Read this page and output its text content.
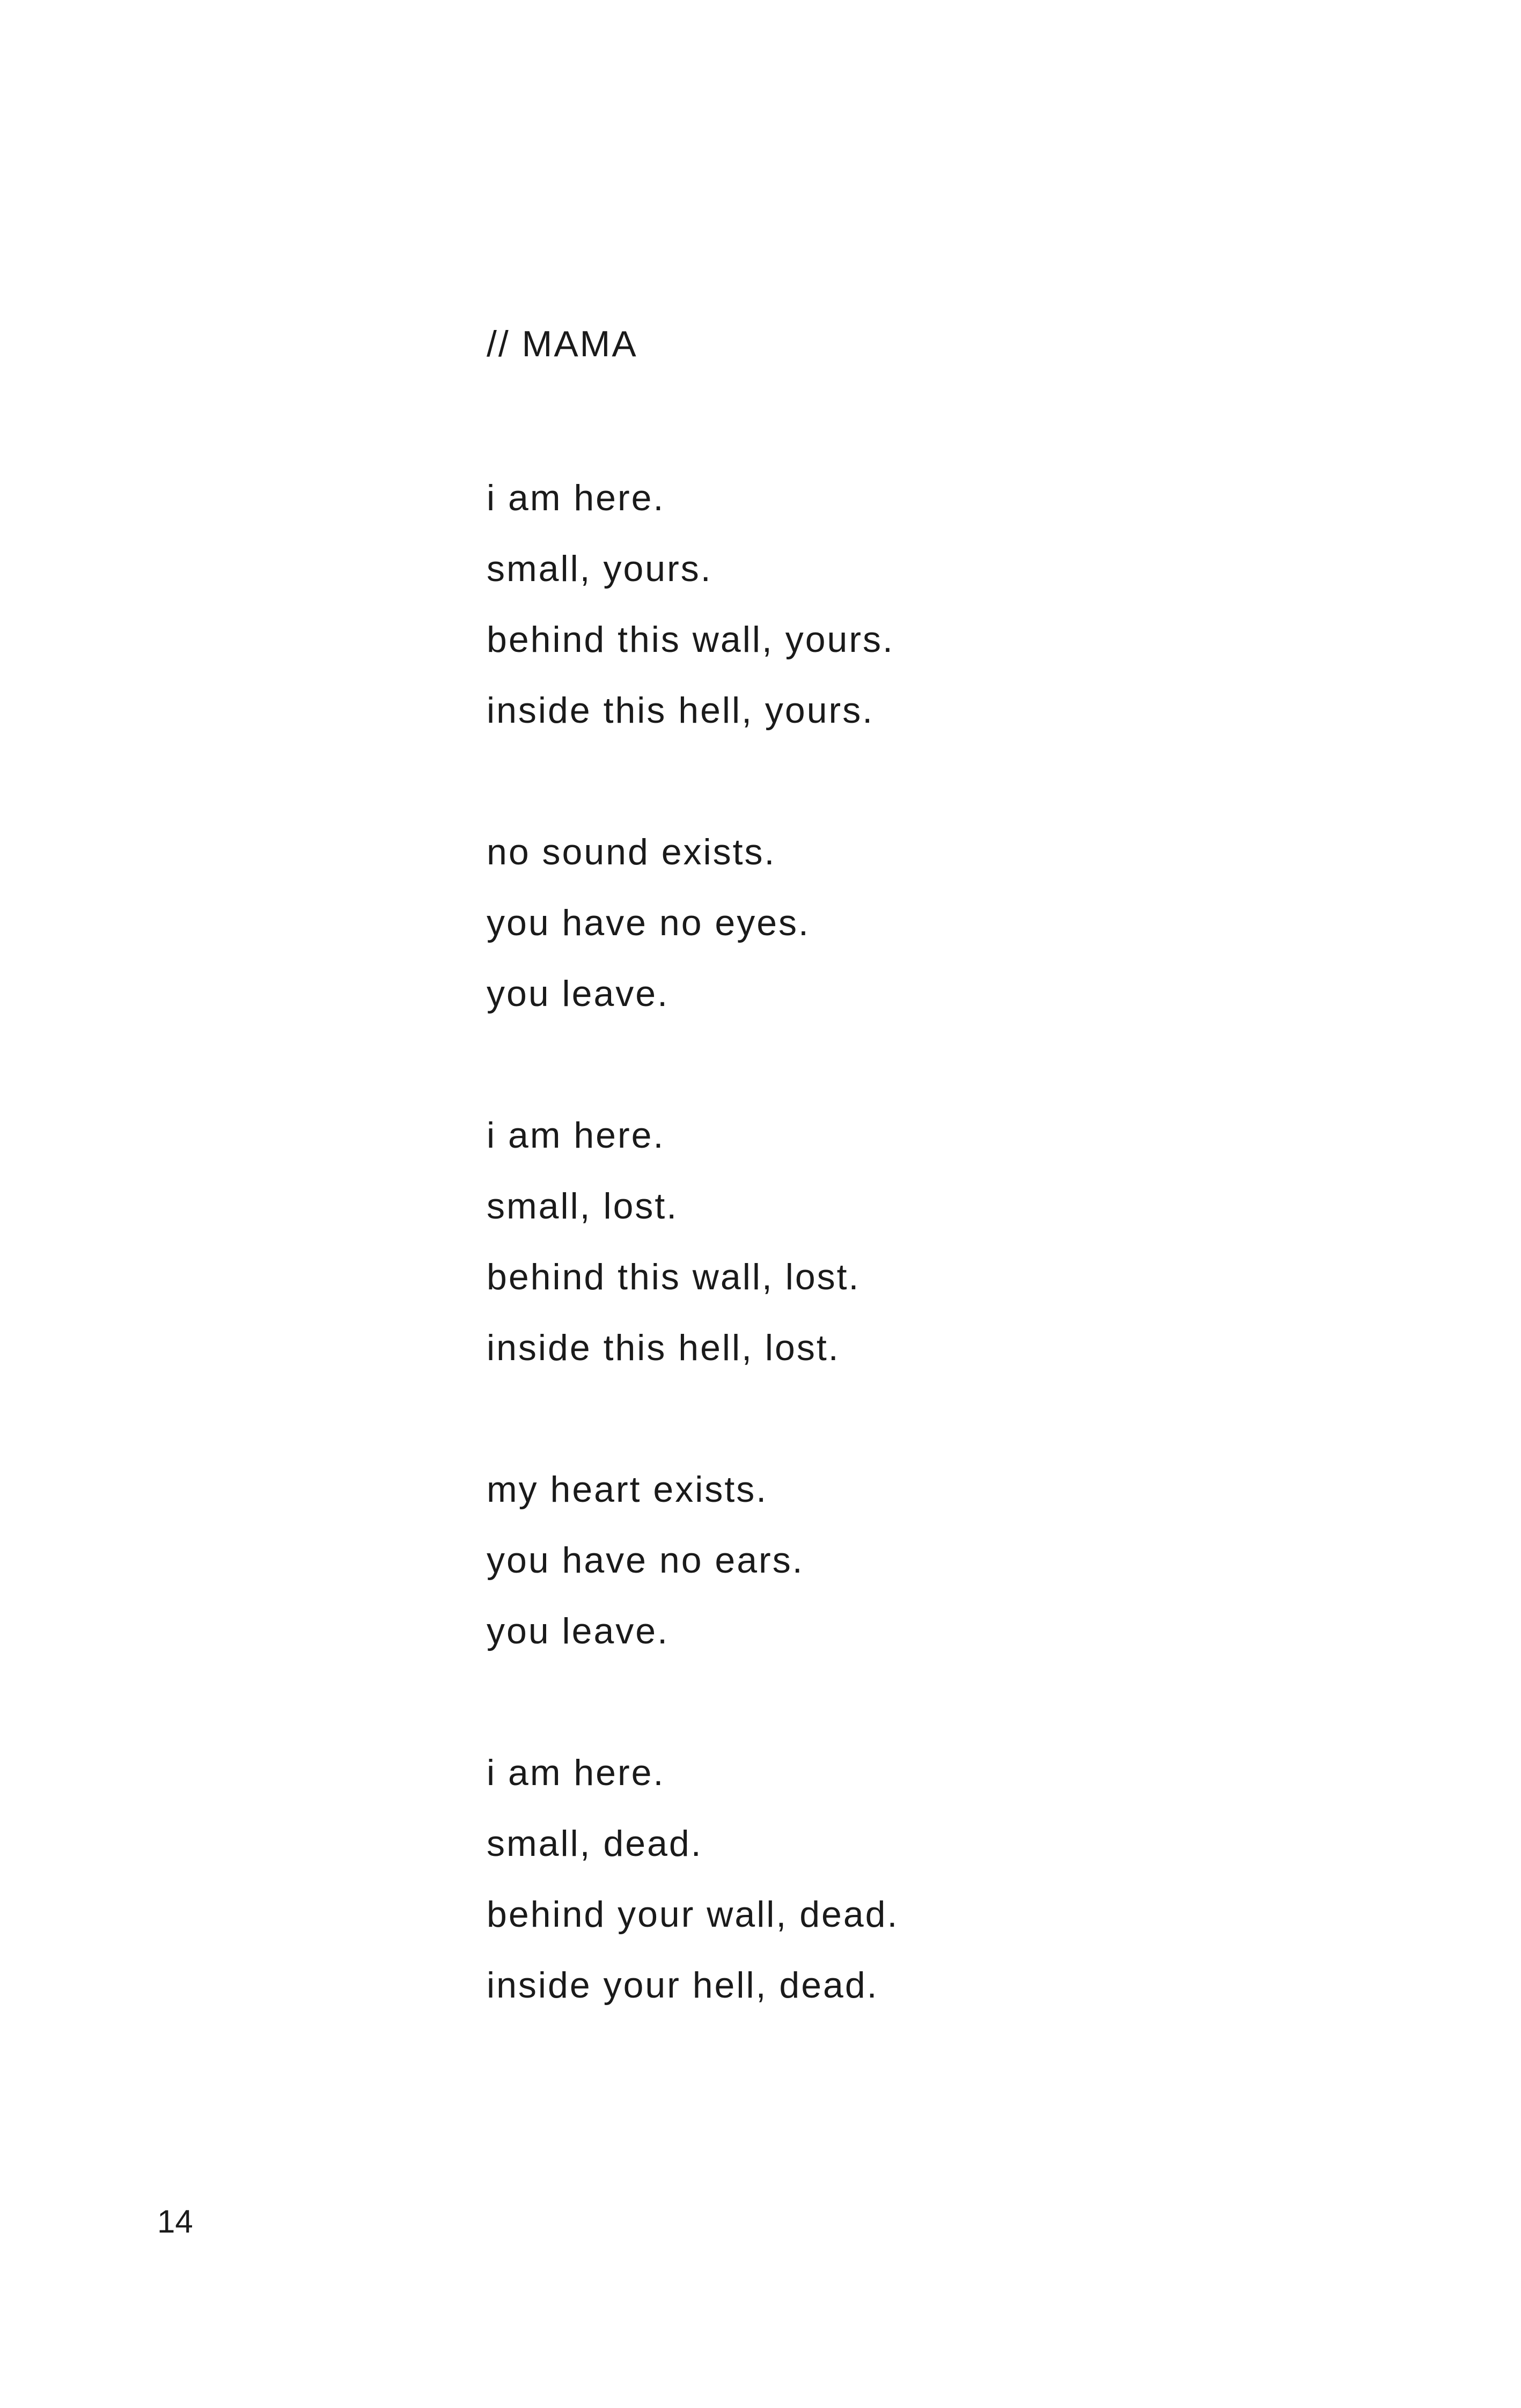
// MAMA
i am here.
small, yours.
behind this wall, yours.
inside this hell, yours.
no sound exists.
you have no eyes.
you leave.
i am here.
small, lost.
behind this wall, lost.
inside this hell, lost.
my heart exists.
you have no ears.
you leave.
i am here.
small, dead.
behind your wall, dead.
inside your hell, dead.
14
